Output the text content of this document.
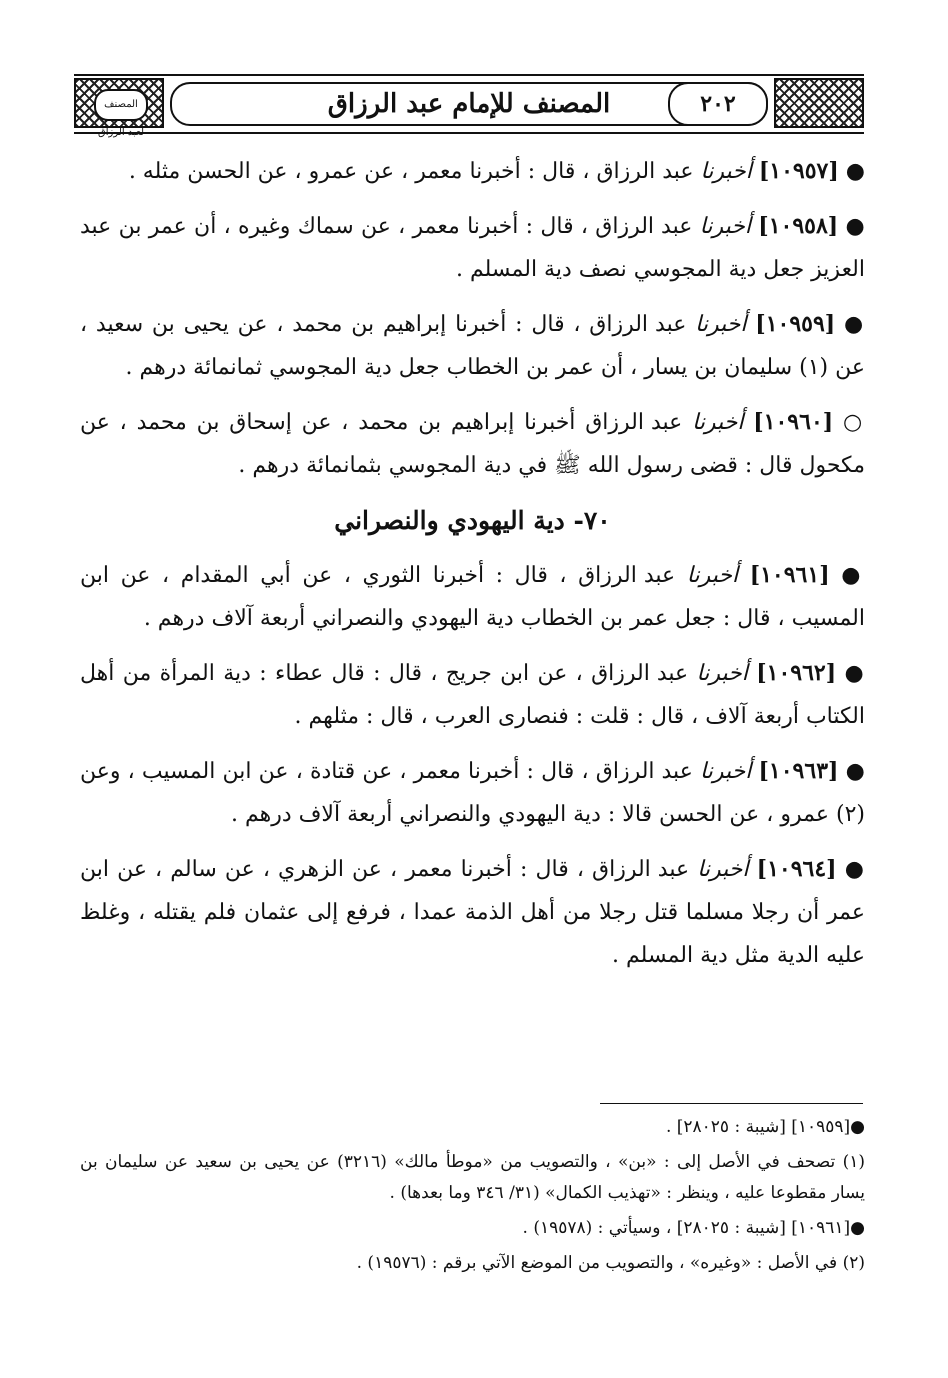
المصنف لعبد الرزاق
المصنف للإمام عبد الرزاق	٢٠٢

● [١٠٩٥٧] أخبرنا عبد الرزاق ، قال : أخبرنا معمر ، عن عمرو ، عن الحسن مثله .

● [١٠٩٥٨] أخبرنا عبد الرزاق ، قال : أخبرنا معمر ، عن سماك وغيره ، أن عمر بن عبد العزيز جعل دية المجوسي نصف دية المسلم .

● [١٠٩٥٩] أخبرنا عبد الرزاق ، قال : أخبرنا إبراهيم بن محمد ، عن يحيى بن سعيد ، عن (١) سليمان بن يسار ، أن عمر بن الخطاب جعل دية المجوسي ثمانمائة درهم .

○ [١٠٩٦٠] أخبرنا عبد الرزاق أخبرنا إبراهيم بن محمد ، عن إسحاق بن محمد ، عن مكحول قال : قضى رسول الله ﷺ في دية المجوسي بثمانمائة درهم .

٧٠- دية اليهودي والنصراني

● [١٠٩٦١] أخبرنا عبد الرزاق ، قال : أخبرنا الثوري ، عن أبي المقدام ، عن ابن المسيب ، قال : جعل عمر بن الخطاب دية اليهودي والنصراني أربعة آلاف درهم .

● [١٠٩٦٢] أخبرنا عبد الرزاق ، عن ابن جريج ، قال : قال عطاء : دية المرأة من أهل الكتاب أربعة آلاف ، قال : قلت : فنصارى العرب ، قال : مثلهم .

● [١٠٩٦٣] أخبرنا عبد الرزاق ، قال : أخبرنا معمر ، عن قتادة ، عن ابن المسيب ، وعن (٢) عمرو ، عن الحسن قالا : دية اليهودي والنصراني أربعة آلاف درهم .

● [١٠٩٦٤] أخبرنا عبد الرزاق ، قال : أخبرنا معمر ، عن الزهري ، عن سالم ، عن ابن عمر أن رجلا مسلما قتل رجلا من أهل الذمة عمدا ، فرفع إلى عثمان فلم يقتله ، وغلظ عليه الدية مثل دية المسلم .

●[١٠٩٥٩] [شيبة : ٢٨٠٢٥] .

(١) تصحف في الأصل إلى : «بن» ، والتصويب من «موطأ مالك» (٣٢١٦) عن يحيى بن سعيد عن سليمان بن يسار مقطوعا عليه ، وينظر : «تهذيب الكمال» (٣١/ ٣٤٦ وما بعدها) .

●[١٠٩٦١] [شيبة : ٢٨٠٢٥] ، وسيأتي : (١٩٥٧٨) .

(٢) في الأصل : «وغيره» ، والتصويب من الموضع الآتي برقم : (١٩٥٧٦) .
